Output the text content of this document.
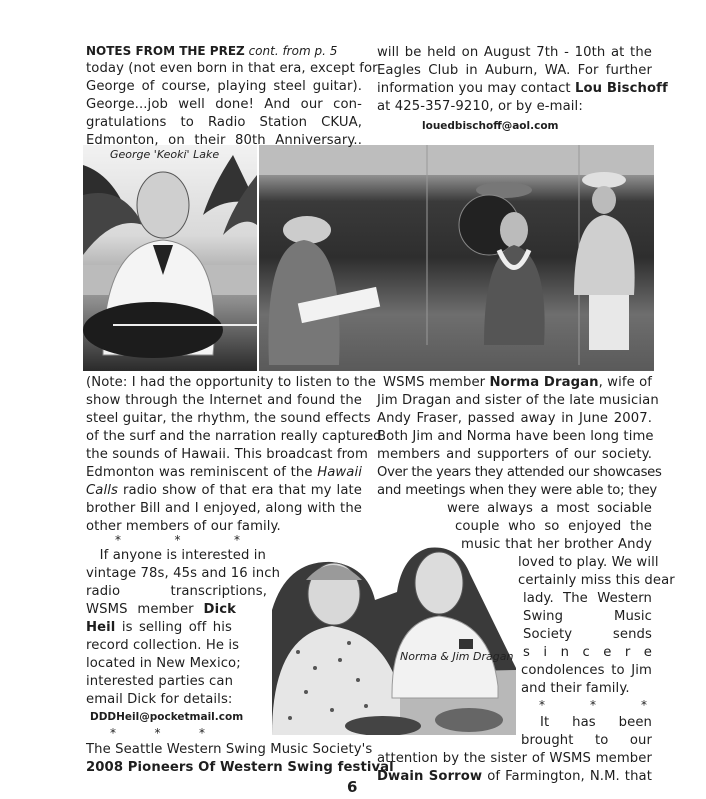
NOTES FROM THE PREZ cont. from p. 5
today (not even born in that era, except for
George of course, playing steel guitar).
George...job well done! And our con-
gratulations to Radio Station CKUA,
Edmonton, on their 80th Anniversary..
will be held on August 7th - 10th at the
Eagles Club in Auburn, WA. For further
information you may contact Lou Bischoff
at 425-357-9210, or by e-mail:
louedbischoff@aol.com
George 'Keoki' Lake
(Note: I had the opportunity to listen to the
show through the Internet and found the
steel guitar, the rhythm, the sound effects
of the surf and the narration really captured
the sounds of Hawaii. This broadcast from
Edmonton was reminiscent of the Hawaii
Calls radio show of that era that my late
brother Bill and I enjoyed, along with the
other members of our family.
*	*	*
If anyone is interested in
vintage 78s, 45s and 16 inch
radio transcriptions,
WSMS member Dick
Heil is selling off his
record collection. He is
located in New Mexico;
interested parties can
email Dick for details:
DDDHeil@pocketmail.com
*	*	*
The Seattle Western Swing Music Society's
2008 Pioneers Of Western Swing festival
Norma & Jim Dragan
WSMS member Norma Dragan, wife of
Jim Dragan and sister of the late musician
Andy Fraser, passed away in June 2007.
Both Jim and Norma have been long time
members and supporters of our society.
Over the years they attended our showcases
and meetings when they were able to; they
were always a most sociable
couple who so enjoyed the
music that her brother Andy
loved to play. We will
certainly miss this dear
lady. The Western
Swing Music
Society sends
s i n c e r e
condolences to Jim
and their family.
*	*	*
It has been
brought to our
attention by the sister of WSMS member
Dwain Sorrow of Farmington, N.M. that
6
